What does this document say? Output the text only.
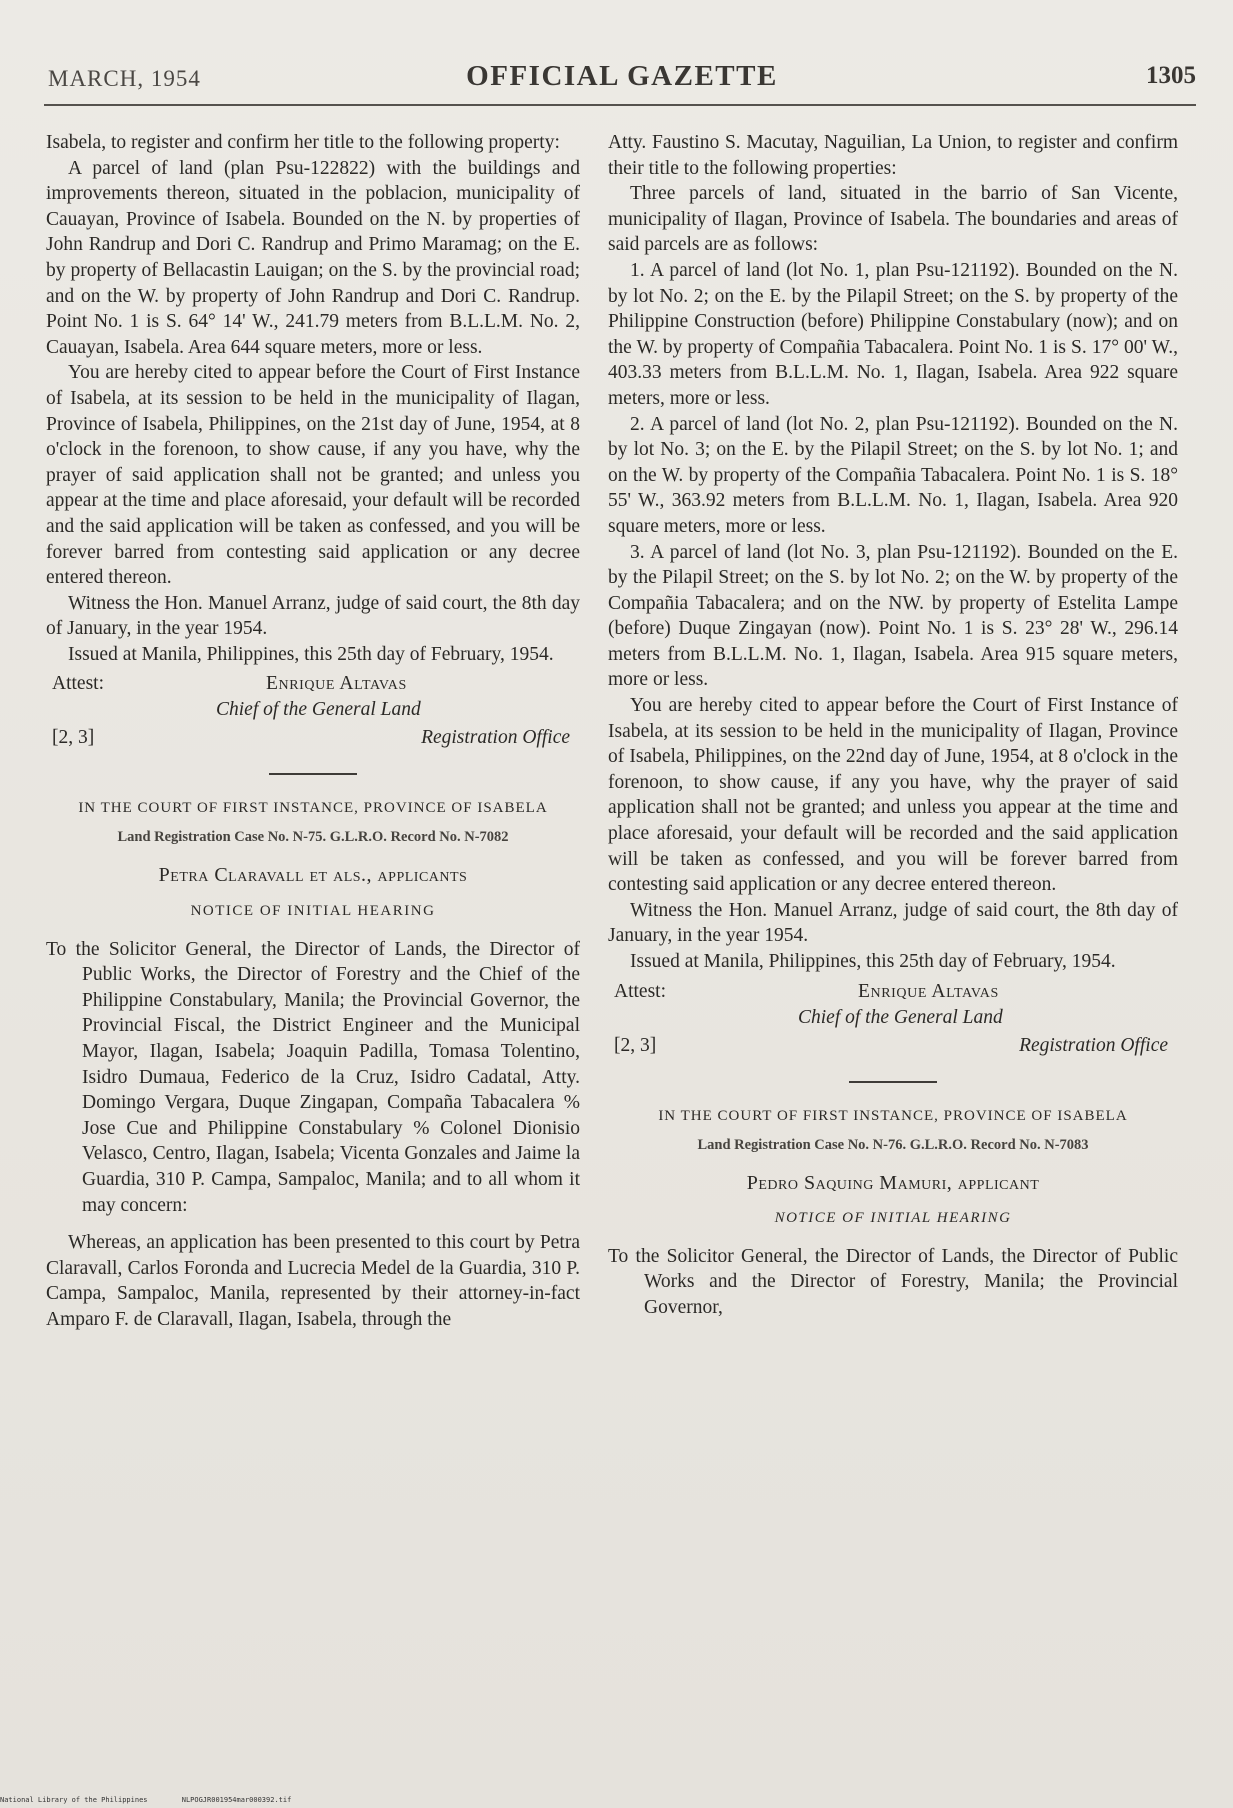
MARCH, 1954	OFFICIAL GAZETTE	1305

Isabela, to register and confirm her title to the following property:

A parcel of land (plan Psu-122822) with the buildings and improvements thereon, situated in the poblacion, municipality of Cauayan, Province of Isabela. Bounded on the N. by properties of John Randrup and Dori C. Randrup and Primo Maramag; on the E. by property of Bellacastin Lauigan; on the S. by the provincial road; and on the W. by property of John Randrup and Dori C. Randrup. Point No. 1 is S. 64° 14' W., 241.79 meters from B.L.L.M. No. 2, Cauayan, Isabela. Area 644 square meters, more or less.

You are hereby cited to appear before the Court of First Instance of Isabela, at its session to be held in the municipality of Ilagan, Province of Isabela, Philippines, on the 21st day of June, 1954, at 8 o'clock in the forenoon, to show cause, if any you have, why the prayer of said application shall not be granted; and unless you appear at the time and place aforesaid, your default will be recorded and the said application will be taken as confessed, and you will be forever barred from contesting said application or any decree entered thereon.

Witness the Hon. Manuel Arranz, judge of said court, the 8th day of January, in the year 1954.

Issued at Manila, Philippines, this 25th day of February, 1954.

Attest:	Enrique Altavas
Chief of the General Land
[2, 3]	Registration Office
IN THE COURT OF FIRST INSTANCE, PROVINCE OF ISABELA
Land Registration Case No. N-75. G.L.R.O. Record No. N-7082
Petra Claravall et als., applicants
NOTICE OF INITIAL HEARING

To the Solicitor General, the Director of Lands, the Director of Public Works, the Director of Forestry and the Chief of the Philippine Constabulary, Manila; the Provincial Governor, the Provincial Fiscal, the District Engineer and the Municipal Mayor, Ilagan, Isabela; Joaquin Padilla, Tomasa Tolentino, Isidro Dumaua, Federico de la Cruz, Isidro Cadatal, Atty. Domingo Vergara, Duque Zingapan, Compaña Tabacalera % Jose Cue and Philippine Constabulary % Colonel Dionisio Velasco, Centro, Ilagan, Isabela; Vicenta Gonzales and Jaime la Guardia, 310 P. Campa, Sampaloc, Manila; and to all whom it may concern:

Whereas, an application has been presented to this court by Petra Claravall, Carlos Foronda and Lucrecia Medel de la Guardia, 310 P. Campa, Sampaloc, Manila, represented by their attorney-in-fact Amparo F. de Claravall, Ilagan, Isabela, through the

Atty. Faustino S. Macutay, Naguilian, La Union, to register and confirm their title to the following properties:

Three parcels of land, situated in the barrio of San Vicente, municipality of Ilagan, Province of Isabela. The boundaries and areas of said parcels are as follows:

1. A parcel of land (lot No. 1, plan Psu-121192). Bounded on the N. by lot No. 2; on the E. by the Pilapil Street; on the S. by property of the Philippine Construction (before) Philippine Constabulary (now); and on the W. by property of Compañia Tabacalera. Point No. 1 is S. 17° 00' W., 403.33 meters from B.L.L.M. No. 1, Ilagan, Isabela. Area 922 square meters, more or less.

2. A parcel of land (lot No. 2, plan Psu-121192). Bounded on the N. by lot No. 3; on the E. by the Pilapil Street; on the S. by lot No. 1; and on the W. by property of the Compañia Tabacalera. Point No. 1 is S. 18° 55' W., 363.92 meters from B.L.L.M. No. 1, Ilagan, Isabela. Area 920 square meters, more or less.

3. A parcel of land (lot No. 3, plan Psu-121192). Bounded on the E. by the Pilapil Street; on the S. by lot No. 2; on the W. by property of the Compañia Tabacalera; and on the NW. by property of Estelita Lampe (before) Duque Zingayan (now). Point No. 1 is S. 23° 28' W., 296.14 meters from B.L.L.M. No. 1, Ilagan, Isabela. Area 915 square meters, more or less.

You are hereby cited to appear before the Court of First Instance of Isabela, at its session to be held in the municipality of Ilagan, Province of Isabela, Philippines, on the 22nd day of June, 1954, at 8 o'clock in the forenoon, to show cause, if any you have, why the prayer of said application shall not be granted; and unless you appear at the time and place aforesaid, your default will be recorded and the said application will be taken as confessed, and you will be forever barred from contesting said application or any decree entered thereon.

Witness the Hon. Manuel Arranz, judge of said court, the 8th day of January, in the year 1954.

Issued at Manila, Philippines, this 25th day of February, 1954.

Attest:	Enrique Altavas
Chief of the General Land
[2, 3]	Registration Office
IN THE COURT OF FIRST INSTANCE, PROVINCE OF ISABELA
Land Registration Case No. N-76. G.L.R.O. Record No. N-7083
Pedro Saquing Mamuri, applicant
NOTICE OF INITIAL HEARING

To the Solicitor General, the Director of Lands, the Director of Public Works and the Director of Forestry, Manila; the Provincial Governor,

National Library of the Philippines	NLPOGJR001954mar000392.tif
